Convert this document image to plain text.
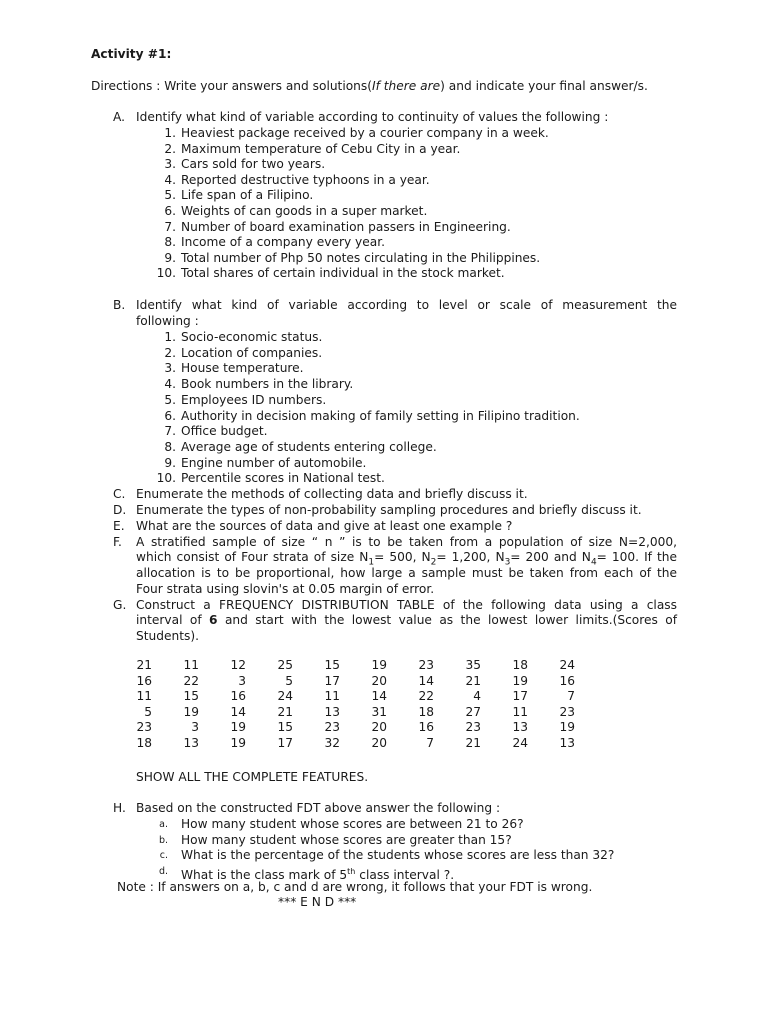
Activity #1:
Directions : Write your answers and solutions(If there are) and indicate your final answer/s.
A. Identify what kind of variable according to continuity of values the following :
1. Heaviest package received by a courier company in a week.
2. Maximum temperature of Cebu City in a year.
3. Cars sold for two years.
4. Reported destructive typhoons in a year.
5. Life span of a Filipino.
6. Weights of can goods in a super market.
7. Number of board examination passers in Engineering.
8. Income of a company every year.
9. Total number of Php 50 notes circulating in the Philippines.
10. Total shares of certain individual in the stock market.
B. Identify what kind of variable according to level or scale of measurement the
following :
1. Socio-economic status.
2. Location of companies.
3. House temperature.
4. Book numbers in the library.
5. Employees ID numbers.
6. Authority in decision making of family setting in Filipino tradition.
7. Office budget.
8. Average age of students entering college.
9. Engine number of automobile.
10. Percentile scores in National test.
C. Enumerate the methods of collecting data and briefly discuss it.
D. Enumerate the types of non-probability sampling procedures and briefly discuss it.
E. What are the sources of data and give at least one example ?
F. A stratified sample of size “ n ” is to be taken from a population of size N=2,000,
which consist of Four strata of size $N_1= 500$, $N_2= 1,200$, $N_3= 200$ and $N_4= 100$. If the
allocation is to be proportional, how large a sample must be taken from each of the
Four strata using slovin's at 0.05 margin of error.
G. Construct a FREQUENCY DISTRIBUTION TABLE of the following data using a class
interval of 6 and start with the lowest value as the lowest lower limits.(Scores of
Students).
21	11	12	25	15	19	23	35	18	24
16	22	3	5	17	20	14	21	19	16
11	15	16	24	11	14	22	4	17	7
5	19	14	21	13	31	18	27	11	23
23	3	19	15	23	20	16	23	13	19
18	13	19	17	32	20	7	21	24	13
SHOW ALL THE COMPLETE FEATURES.
H. Based on the constructed FDT above answer the following :
a. How many student whose scores are between 21 to 26?
b. How many student whose scores are greater than 15?
c. What is the percentage of the students whose scores are less than 32?
d. What is the class mark of 5th class interval ?.
Note : If answers on a, b, c and d are wrong, it follows that your FDT is wrong.
*** E N D ***
